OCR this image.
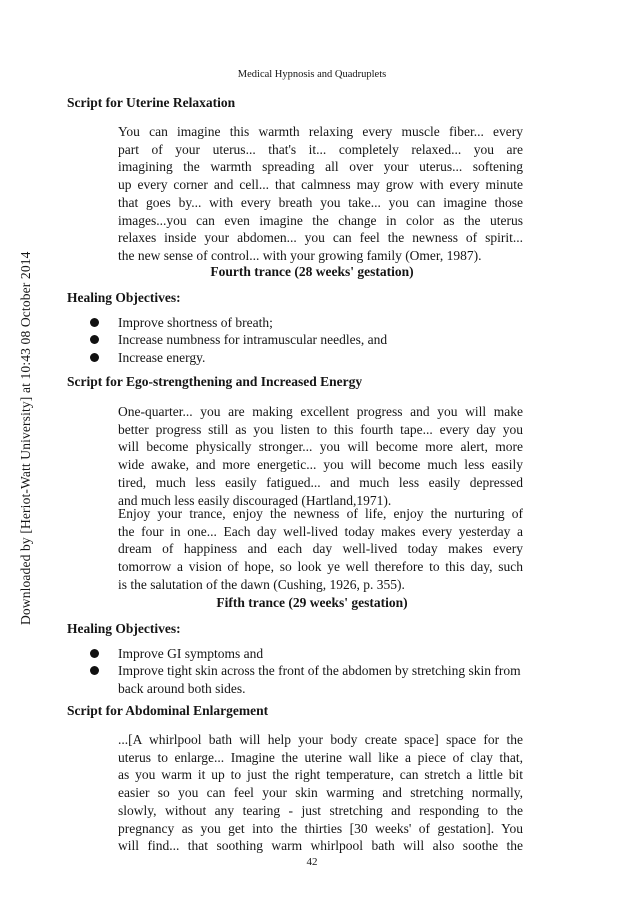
Medical Hypnosis and Quadruplets
Downloaded by [Heriot-Watt University] at 10:43 08 October 2014
Script for Uterine Relaxation
You can imagine this warmth relaxing every muscle fiber... every
part of your uterus... that's it... completely relaxed... you are
imagining the warmth spreading all over your uterus... softening
up every corner and cell... that calmness may grow with every minute
that goes by... with every breath you take... you can imagine those
images...you can even imagine the change in color as the uterus
relaxes inside your abdomen... you can feel the newness of spirit...
the new sense of control... with your growing family (Omer, 1987).
Fourth trance (28 weeks' gestation)
Healing Objectives:
Improve shortness of breath;
Increase numbness for intramuscular needles, and
Increase energy.
Script for Ego-strengthening and Increased Energy
One-quarter... you are making excellent progress and you will make
better progress still as you listen to this fourth tape... every day you
will become physically stronger... you will become more alert, more
wide awake, and more energetic... you will become much less easily
tired, much less easily fatigued... and much less easily depressed
and much less easily discouraged (Hartland,1971).
Enjoy your trance, enjoy the newness of life, enjoy the nurturing of
the four in one... Each day well-lived today makes every yesterday a
dream of happiness and each day well-lived today makes every
tomorrow a vision of hope, so look ye well therefore to this day, such
is the salutation of the dawn (Cushing, 1926, p. 355).
Fifth trance (29 weeks' gestation)
Healing Objectives:
Improve GI symptoms and
Improve tight skin across the front of the abdomen by stretching skin from
back around both sides.
Script for Abdominal Enlargement
...[A whirlpool bath will help your body create space] space for the
uterus to enlarge... Imagine the uterine wall like a piece of clay that,
as you warm it up to just the right temperature, can stretch a little bit
easier so you can feel your skin warming and stretching normally,
slowly, without any tearing - just stretching and responding to the
pregnancy as you get into the thirties [30 weeks' of gestation]. You
will find... that soothing warm whirlpool bath will also soothe the
42
